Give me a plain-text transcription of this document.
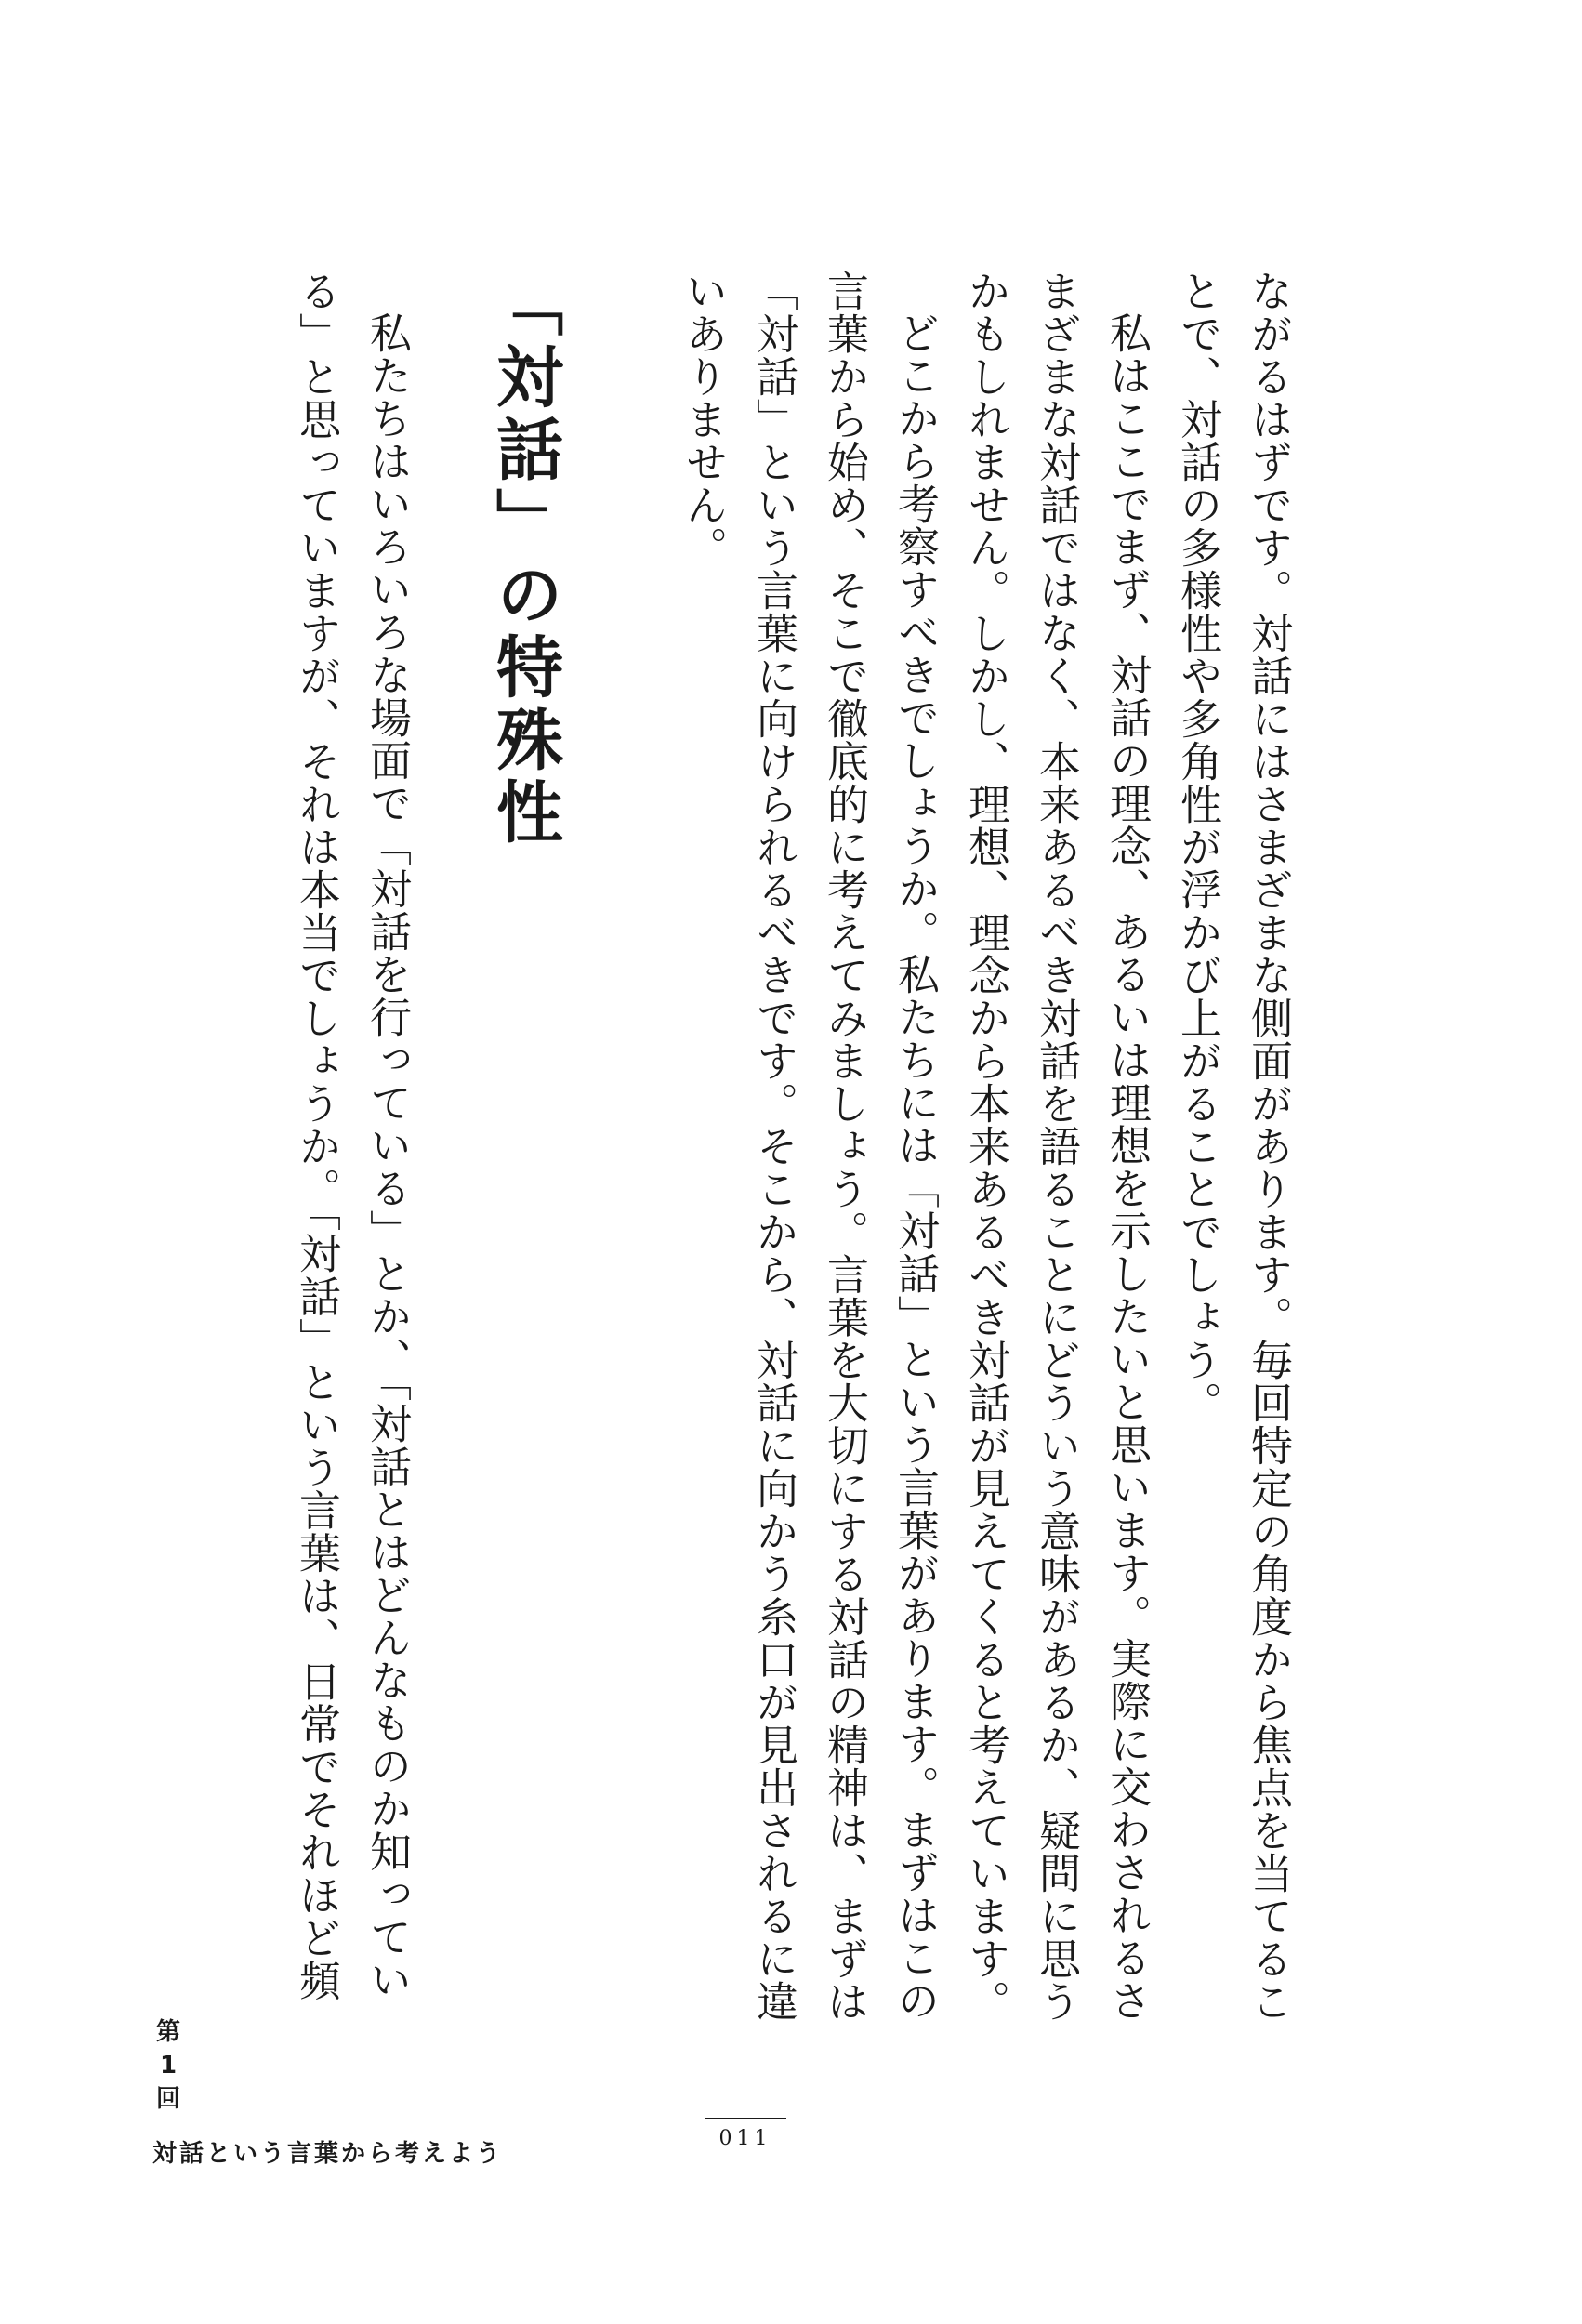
ながるはずです。対話にはさまざまな側面があります。毎回特定の角度から焦点を当てるこ
とで、対話の多様性や多角性が浮かび上がることでしょう。
私はここでまず、対話の理念、あるいは理想を示したいと思います。実際に交わされるさ
まざまな対話ではなく、本来あるべき対話を語ることにどういう意味があるか、疑問に思う
かもしれません。しかし、理想、理念から本来あるべき対話が見えてくると考えています。
どこから考察すべきでしょうか。私たちには「対話」という言葉があります。まずはこの
言葉から始め、そこで徹底的に考えてみましょう。言葉を大切にする対話の精神は、まずは
「対話」という言葉に向けられるべきです。そこから、対話に向かう糸口が見出されるに違
いありません。
「対話」の特殊性
私たちはいろいろな場面で「対話を行っている」とか、「対話とはどんなものか知ってい
る」と思っていますが、それは本当でしょうか。「対話」という言葉は、日常でそれほど頻
第
1
回
対話という言葉から考えよう
011
